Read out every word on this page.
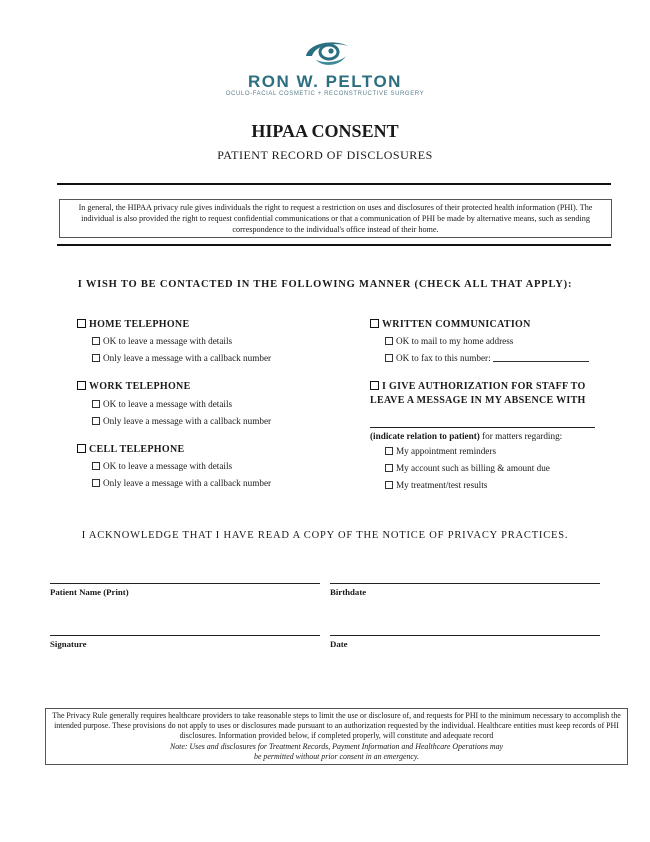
RON W. PELTON
OCULO-FACIAL COSMETIC + RECONSTRUCTIVE SURGERY
HIPAA CONSENT
PATIENT RECORD OF DISCLOSURES
In general, the HIPAA privacy rule gives individuals the right to request a restriction on uses and disclosures of their protected health information (PHI). The individual is also provided the right to request confidential communications or that a communication of PHI be made by alternative means, such as sending correspondence to the individual's office instead of their home.
I WISH TO BE CONTACTED IN THE FOLLOWING MANNER (CHECK ALL THAT APPLY):
HOME TELEPHONE
OK to leave a message with details
Only leave a message with a callback number
WORK TELEPHONE
OK to leave a message with details
Only leave a message with a callback number
CELL TELEPHONE
OK to leave a message with details
Only leave a message with a callback number
WRITTEN COMMUNICATION
OK to mail to my home address
OK to fax to this number:
I GIVE AUTHORIZATION FOR STAFF TO
LEAVE A MESSAGE IN MY ABSENCE WITH
(indicate relation to patient) for matters regarding:
My appointment reminders
My account such as billing & amount due
My treatment/test results
I ACKNOWLEDGE THAT I HAVE READ A COPY OF THE NOTICE OF PRIVACY PRACTICES.
Patient Name (Print)	Birthdate
Signature	Date
The Privacy Rule generally requires healthcare providers to take reasonable steps to limit the use or disclosure of, and requests for PHI to the minimum necessary to accomplish the intended purpose. These provisions do not apply to uses or disclosures made pursuant to an authorization requested by the individual. Healthcare entities must keep records of PHI disclosures. Information provided below, if completed properly, will constitute and adequate record
Note: Uses and disclosures for Treatment Records, Payment Information and Healthcare Operations may
be permitted without prior consent in an emergency.
